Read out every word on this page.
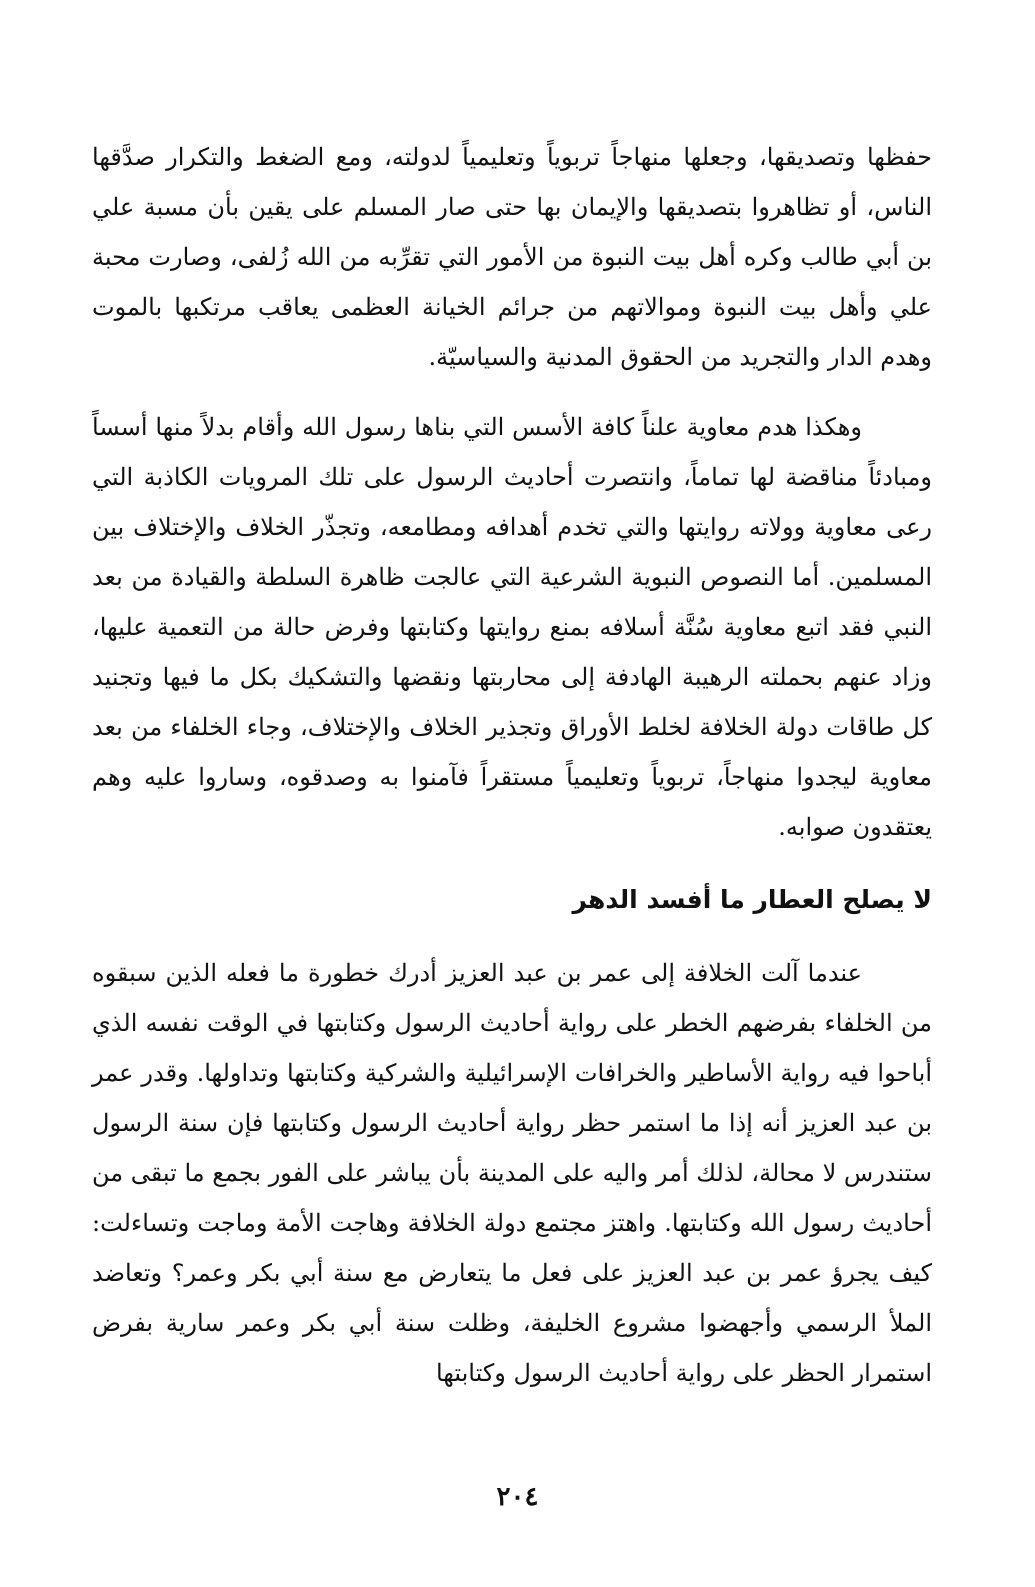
حفظها وتصديقها، وجعلها منهاجاً تربوياً وتعليمياً لدولته، ومع الضغط والتكرار صدَّقها الناس، أو تظاهروا بتصديقها والإيمان بها حتى صار المسلم على يقين بأن مسبة علي بن أبي طالب وكره أهل بيت النبوة من الأمور التي تقرِّبه من الله زُلفى، وصارت محبة علي وأهل بيت النبوة وموالاتهم من جرائم الخيانة العظمى يعاقب مرتكبها بالموت وهدم الدار والتجريد من الحقوق المدنية والسياسيّة.

وهكذا هدم معاوية علناً كافة الأسس التي بناها رسول الله وأقام بدلاً منها أسساً ومبادئاً مناقضة لها تماماً، وانتصرت أحاديث الرسول على تلك المرويات الكاذبة التي رعى معاوية وولاته روايتها والتي تخدم أهدافه ومطامعه، وتجذّر الخلاف والإختلاف بين المسلمين. أما النصوص النبوية الشرعية التي عالجت ظاهرة السلطة والقيادة من بعد النبي فقد اتبع معاوية سُنَّة أسلافه بمنع روايتها وكتابتها وفرض حالة من التعمية عليها، وزاد عنهم بحملته الرهيبة الهادفة إلى محاربتها ونقضها والتشكيك بكل ما فيها وتجنيد كل طاقات دولة الخلافة لخلط الأوراق وتجذير الخلاف والإختلاف، وجاء الخلفاء من بعد معاوية ليجدوا منهاجاً، تربوياً وتعليمياً مستقراً فآمنوا به وصدقوه، وساروا عليه وهم يعتقدون صوابه.

لا يصلح العطار ما أفسد الدهر

عندما آلت الخلافة إلى عمر بن عبد العزيز أدرك خطورة ما فعله الذين سبقوه من الخلفاء بفرضهم الخطر على رواية أحاديث الرسول وكتابتها في الوقت نفسه الذي أباحوا فيه رواية الأساطير والخرافات الإسرائيلية والشركية وكتابتها وتداولها. وقدر عمر بن عبد العزيز أنه إذا ما استمر حظر رواية أحاديث الرسول وكتابتها فإن سنة الرسول ستندرس لا محالة، لذلك أمر واليه على المدينة بأن يباشر على الفور بجمع ما تبقى من أحاديث رسول الله وكتابتها. واهتز مجتمع دولة الخلافة وهاجت الأمة وماجت وتساءلت: كيف يجرؤ عمر بن عبد العزيز على فعل ما يتعارض مع سنة أبي بكر وعمر؟ وتعاضد الملأ الرسمي وأجهضوا مشروع الخليفة، وظلت سنة أبي بكر وعمر سارية بفرض استمرار الحظر على رواية أحاديث الرسول وكتابتها

٢٠٤
